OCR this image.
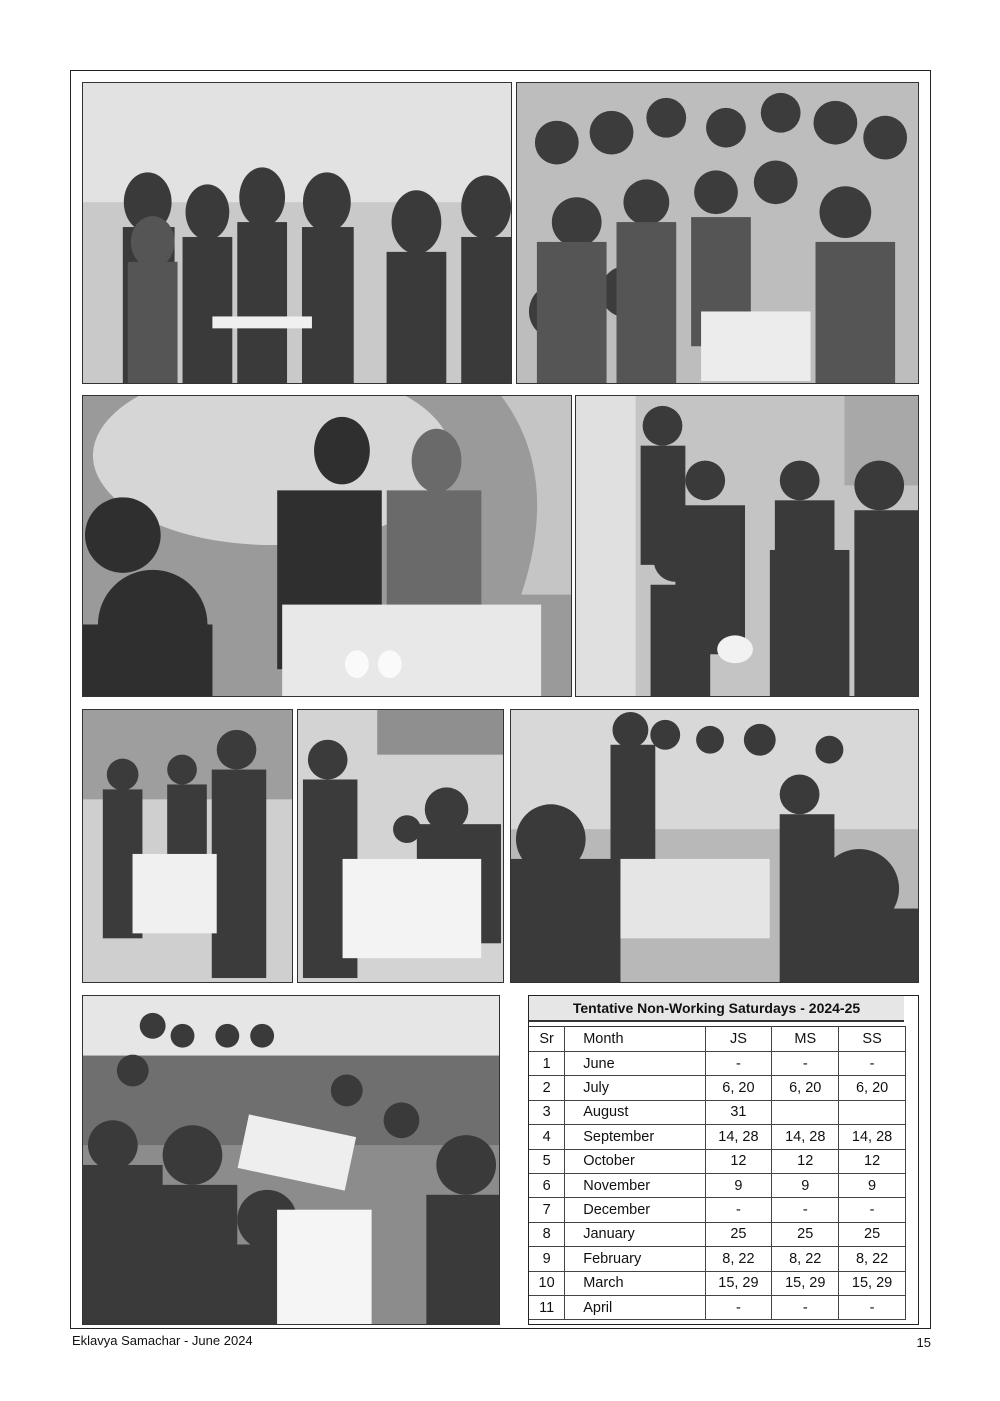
Tentative Non-Working Saturdays - 2024-25
Sr	Month	JS	MS	SS
1	June	-	-	-
2	July	6, 20	6, 20	6, 20
3	August	31		
4	September	14, 28	14, 28	14, 28
5	October	12	12	12
6	November	9	9	9
7	December	-	-	-
8	January	25	25	25
9	February	8, 22	8, 22	8, 22
10	March	15, 29	15, 29	15, 29
11	April	-	-	-
Eklavya Samachar - June 2024	15
